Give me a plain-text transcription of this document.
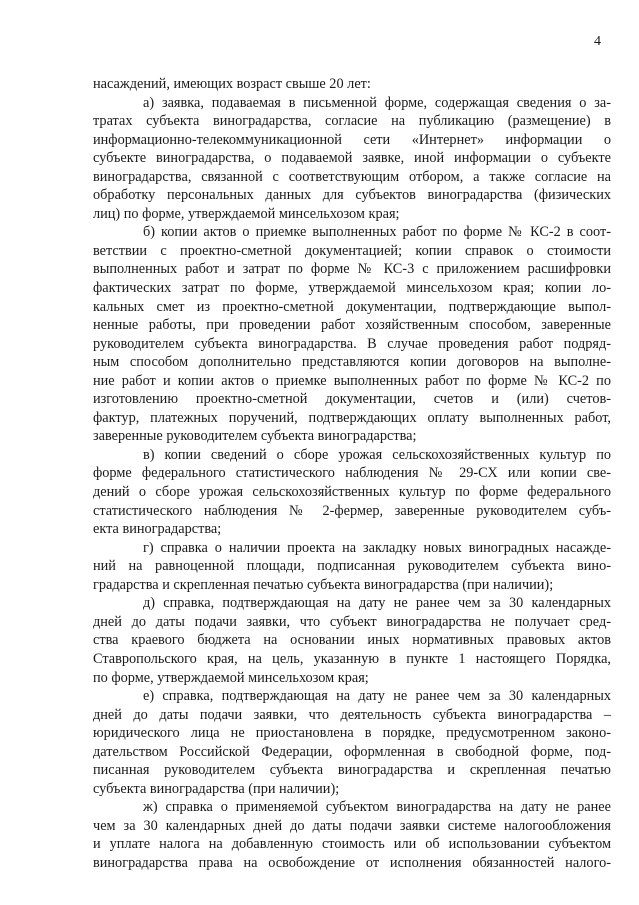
4
насаждений, имеющих возраст свыше 20 лет:
а) заявка, подаваемая в письменной форме, содержащая сведения о за-
тратах субъекта виноградарства, согласие на публикацию (размещение) в
информационно-телекоммуникационной сети «Интернет» информации о
субъекте виноградарства, о подаваемой заявке, иной информации о субъекте
виноградарства, связанной с соответствующим отбором, а также согласие на
обработку персональных данных для субъектов виноградарства (физических
лиц) по форме, утверждаемой минсельхозом края;
б) копии актов о приемке выполненных работ по форме № КС-2 в соот-
ветствии с проектно-сметной документацией; копии справок о стоимости
выполненных работ и затрат по форме № КС-3 с приложением расшифровки
фактических затрат по форме, утверждаемой минсельхозом края; копии ло-
кальных смет из проектно-сметной документации, подтверждающие выпол-
ненные работы, при проведении работ хозяйственным способом, заверенные
руководителем субъекта виноградарства. В случае проведения работ подряд-
ным способом дополнительно представляются копии договоров на выполне-
ние работ и копии актов о приемке выполненных работ по форме № КС-2 по
изготовлению проектно-сметной документации, счетов и (или) счетов-
фактур, платежных поручений, подтверждающих оплату выполненных работ,
заверенные руководителем субъекта виноградарства;
в) копии сведений о сборе урожая сельскохозяйственных культур по
форме федерального статистического наблюдения № 29-СХ или копии све-
дений о сборе урожая сельскохозяйственных культур по форме федерального
статистического наблюдения № 2-фермер, заверенные руководителем субъ-
екта виноградарства;
г) справка о наличии проекта на закладку новых виноградных насажде-
ний на равноценной площади, подписанная руководителем субъекта вино-
градарства и скрепленная печатью субъекта виноградарства (при наличии);
д) справка, подтверждающая на дату не ранее чем за 30 календарных
дней до даты подачи заявки, что субъект виноградарства не получает сред-
ства краевого бюджета на основании иных нормативных правовых актов
Ставропольского края, на цель, указанную в пункте 1 настоящего Порядка,
по форме, утверждаемой минсельхозом края;
е) справка, подтверждающая на дату не ранее чем за 30 календарных
дней до даты подачи заявки, что деятельность субъекта виноградарства –
юридического лица не приостановлена в порядке, предусмотренном законо-
дательством Российской Федерации, оформленная в свободной форме, под-
писанная руководителем субъекта виноградарства и скрепленная печатью
субъекта виноградарства (при наличии);
ж) справка о применяемой субъектом виноградарства на дату не ранее
чем за 30 календарных дней до даты подачи заявки системе налогообложения
и уплате налога на добавленную стоимость или об использовании субъектом
виноградарства права на освобождение от исполнения обязанностей налого-
